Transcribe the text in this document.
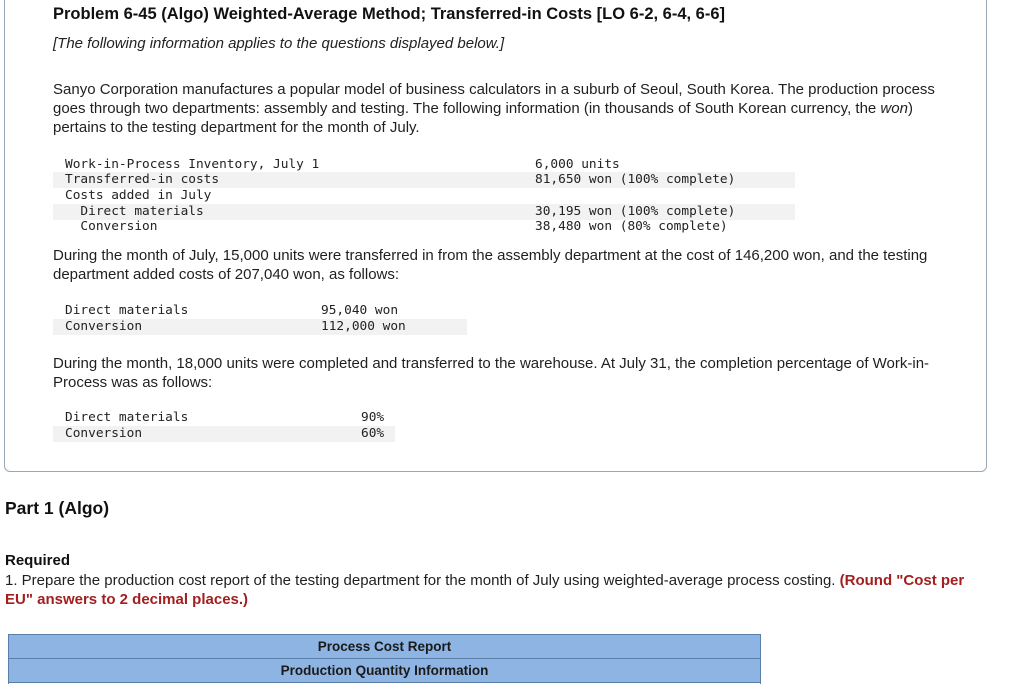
Problem 6-45 (Algo) Weighted-Average Method; Transferred-in Costs [LO 6-2, 6-4, 6-6]
[The following information applies to the questions displayed below.]
Sanyo Corporation manufactures a popular model of business calculators in a suburb of Seoul, South Korea. The production process goes through two departments: assembly and testing. The following information (in thousands of South Korean currency, the won) pertains to the testing department for the month of July.
Work-in-Process Inventory, July 1	6,000 units
Transferred-in costs	81,650 won (100% complete)
Costs added in July
Direct materials	30,195 won (100% complete)
Conversion	38,480 won (80% complete)
During the month of July, 15,000 units were transferred in from the assembly department at the cost of 146,200 won, and the testing department added costs of 207,040 won, as follows:
Direct materials	95,040 won
Conversion	112,000 won
During the month, 18,000 units were completed and transferred to the warehouse. At July 31, the completion percentage of Work-in-Process was as follows:
Direct materials	90%
Conversion	60%
Part 1 (Algo)
Required
1. Prepare the production cost report of the testing department for the month of July using weighted-average process costing. (Round "Cost per EU" answers to 2 decimal places.)
Process Cost Report
Production Quantity Information
